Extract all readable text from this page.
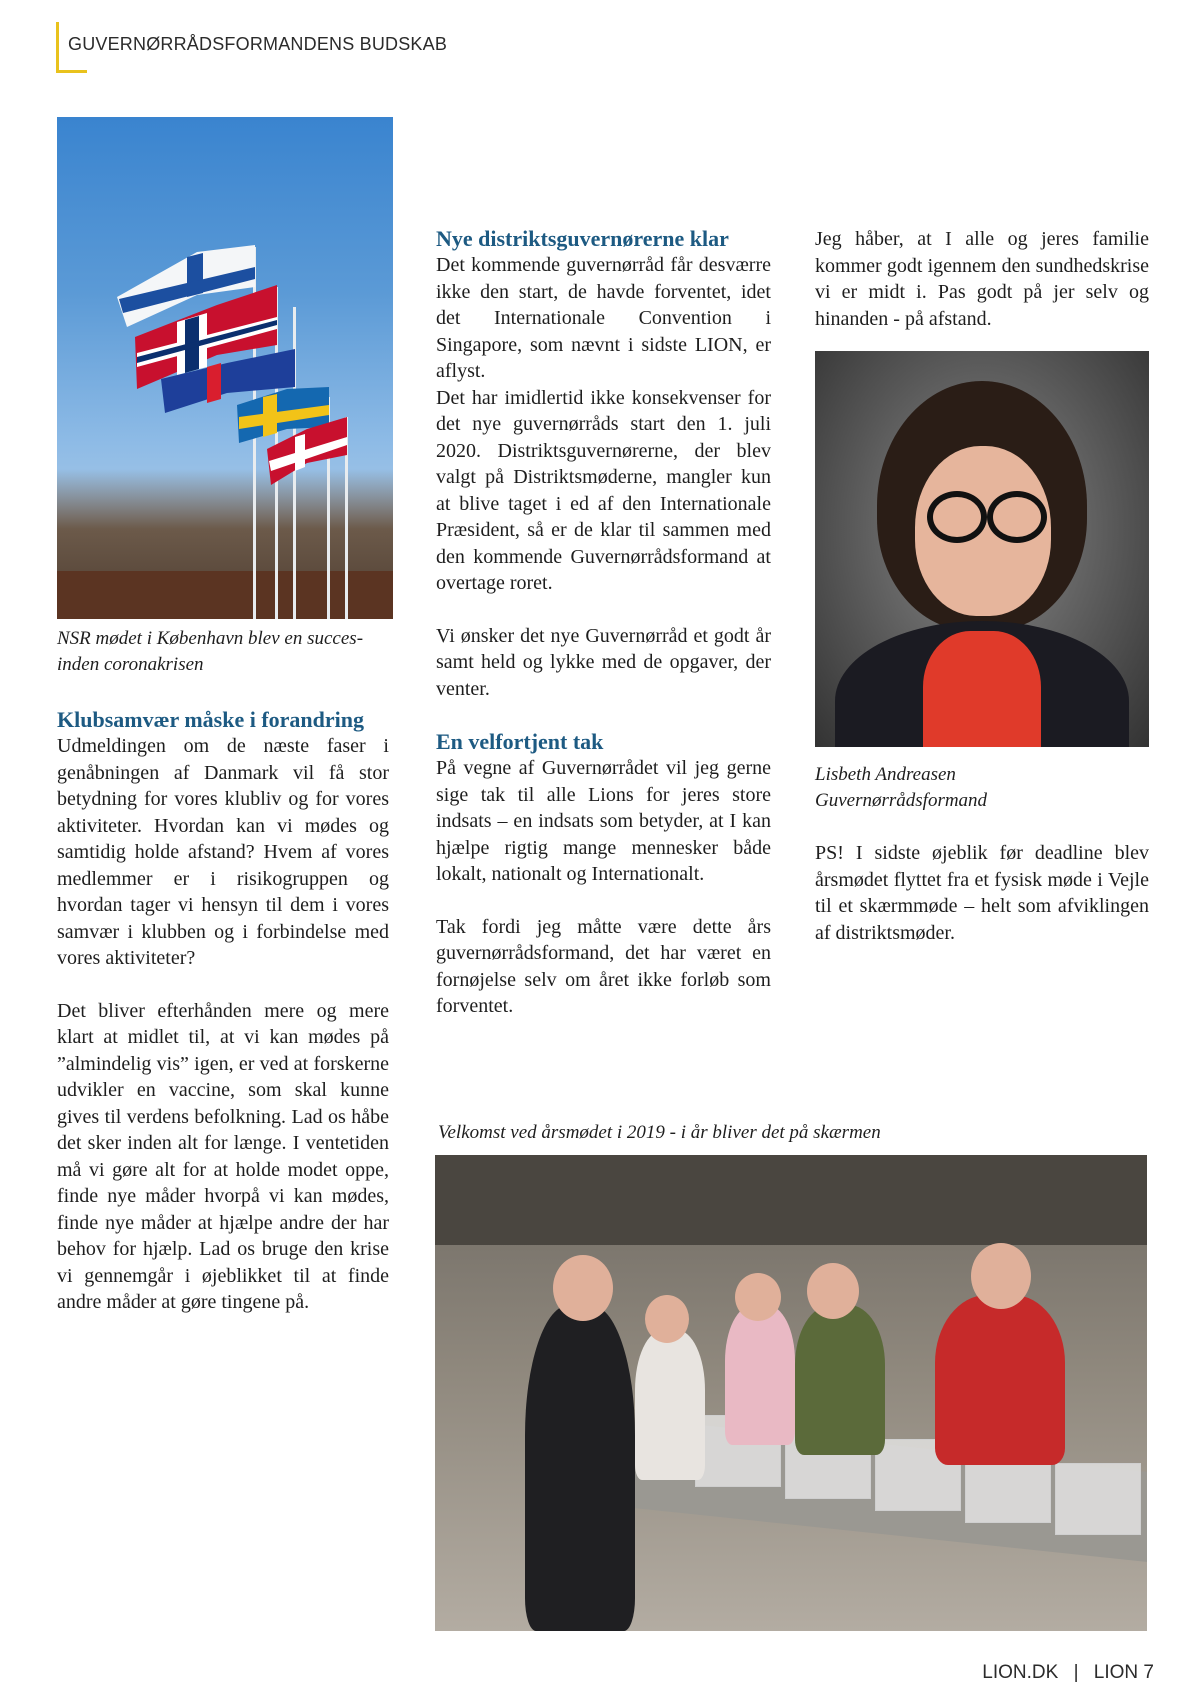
GUVERNØRRÅDSFORMANDENS BUDSKAB
NSR mødet i København blev en succes-
inden coronakrisen
Klubsamvær måske i forandring

Udmeldingen om de næste faser i genåbningen af Danmark vil få stor betydning for vores klubliv og for vores aktiviteter. Hvordan kan vi mødes og samtidig holde afstand? Hvem af vores medlemmer er i risikogruppen og hvordan tager vi hensyn til dem i vores samvær i klubben og i forbindelse med vores aktiviteter?

Det bliver efterhånden mere og mere klart at midlet til, at vi kan mødes på ”almindelig vis” igen, er ved at forskerne udvikler en vaccine, som skal kunne gives til verdens befolkning. Lad os håbe det sker inden alt for længe. I ventetiden må vi gøre alt for at holde modet oppe, finde nye måder hvorpå vi kan mødes, finde nye måder at hjælpe andre der har behov for hjælp. Lad os bruge den krise vi gennemgår i øjeblikket til at finde andre måder at gøre tingene på.

Nye distriktsguvernørerne klar

Det kommende guvernørråd får desværre ikke den start, de havde forventet, idet det Internationale Convention i Singapore, som nævnt i sidste LION, er aflyst.

Det har imidlertid ikke konsekvenser for det nye guvernørråds start den 1. juli 2020. Distriktsguvernørerne, der blev valgt på Distriktsmøderne, mangler kun at blive taget i ed af den Internationale Præsident, så er de klar til sammen med den kommende Guvernørrådsformand at overtage roret.

Vi ønsker det nye Guvernørråd et godt år samt held og lykke med de opgaver, der venter.

En velfortjent tak

På vegne af Guvernørrådet vil jeg gerne sige tak til alle Lions for jeres store indsats – en indsats som betyder, at I kan hjælpe rigtig mange mennesker både lokalt, nationalt og Internationalt.

Tak fordi jeg måtte være dette års guvernørrådsformand, det har været en fornøjelse selv om året ikke forløb som forventet.

Jeg håber, at I alle og jeres familie kommer godt igennem den sundhedskrise vi er midt i. Pas godt på jer selv og hinanden - på afstand.

Lisbeth Andreasen
Guvernørrådsformand

PS! I sidste øjeblik før deadline blev årsmødet flyttet fra et fysisk møde i Vejle til et skærmmøde – helt som afviklingen af distriktsmøder.

Velkomst ved årsmødet i 2019 - i år bliver det på skærmen
LION.DK | LION 7
